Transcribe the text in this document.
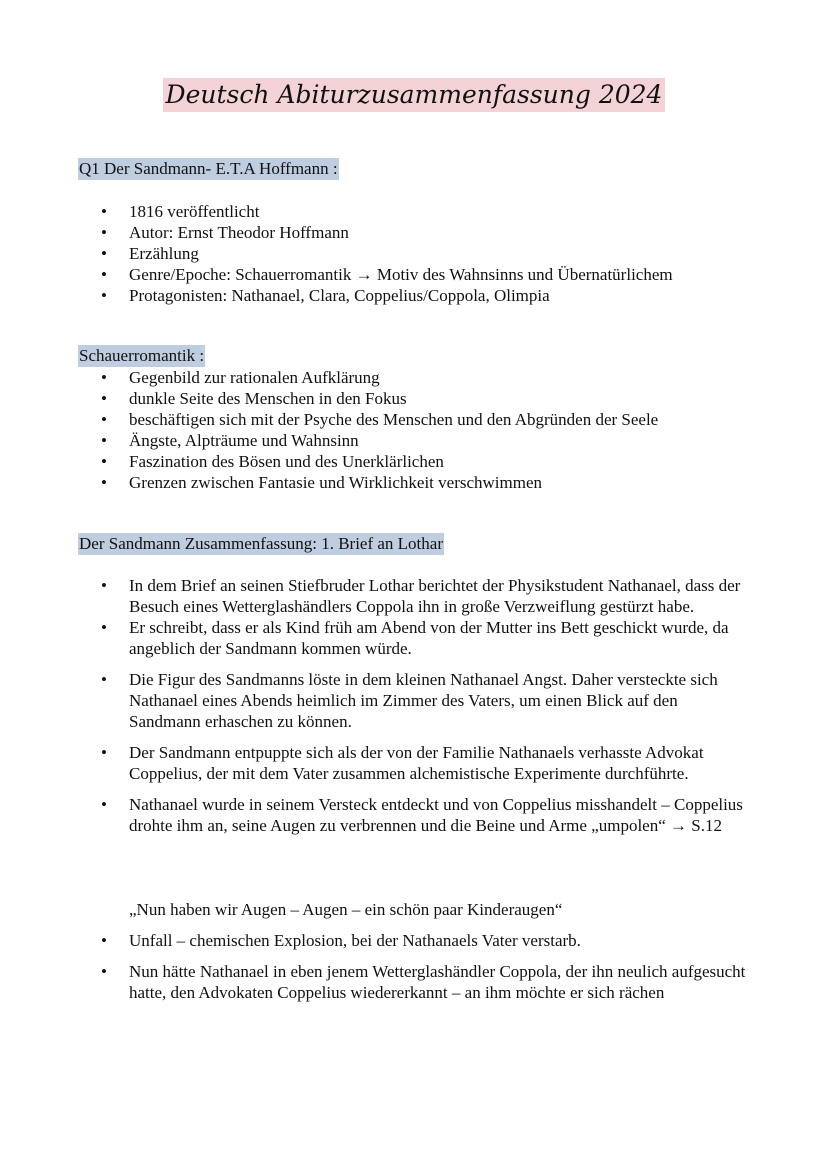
Deutsch Abiturzusammenfassung 2024
Q1 Der Sandmann- E.T.A Hoffmann :
• 1816 veröffentlicht
• Autor: Ernst Theodor Hoffmann
• Erzählung
• Genre/Epoche: Schauerromantik → Motiv des Wahnsinns und Übernatürlichem
• Protagonisten: Nathanael, Clara, Coppelius/Coppola, Olimpia
Schauerromantik :
• Gegenbild zur rationalen Aufklärung
• dunkle Seite des Menschen in den Fokus
• beschäftigen sich mit der Psyche des Menschen und den Abgründen der Seele
• Ängste, Alpträume und Wahnsinn
• Faszination des Bösen und des Unerklärlichen
• Grenzen zwischen Fantasie und Wirklichkeit verschwimmen
Der Sandmann Zusammenfassung: 1. Brief an Lothar
• In dem Brief an seinen Stiefbruder Lothar berichtet der Physikstudent Nathanael, dass der Besuch eines Wetterglashändlers Coppola ihn in große Verzweiflung gestürzt habe.
• Er schreibt, dass er als Kind früh am Abend von der Mutter ins Bett geschickt wurde, da angeblich der Sandmann kommen würde.
• Die Figur des Sandmanns löste in dem kleinen Nathanael Angst. Daher versteckte sich Nathanael eines Abends heimlich im Zimmer des Vaters, um einen Blick auf den Sandmann erhaschen zu können.
• Der Sandmann entpuppte sich als der von der Familie Nathanaels verhasste Advokat Coppelius, der mit dem Vater zusammen alchemistische Experimente durchführte.
• Nathanael wurde in seinem Versteck entdeckt und von Coppelius misshandelt – Coppelius drohte ihm an, seine Augen zu verbrennen und die Beine und Arme „umpolen“ → S.12
„Nun haben wir Augen – Augen – ein schön paar Kinderaugen“
• Unfall – chemischen Explosion, bei der Nathanaels Vater verstarb.
• Nun hätte Nathanael in eben jenem Wetterglashändler Coppola, der ihn neulich aufgesucht hatte, den Advokaten Coppelius wiedererkannt – an ihm möchte er sich rächen
